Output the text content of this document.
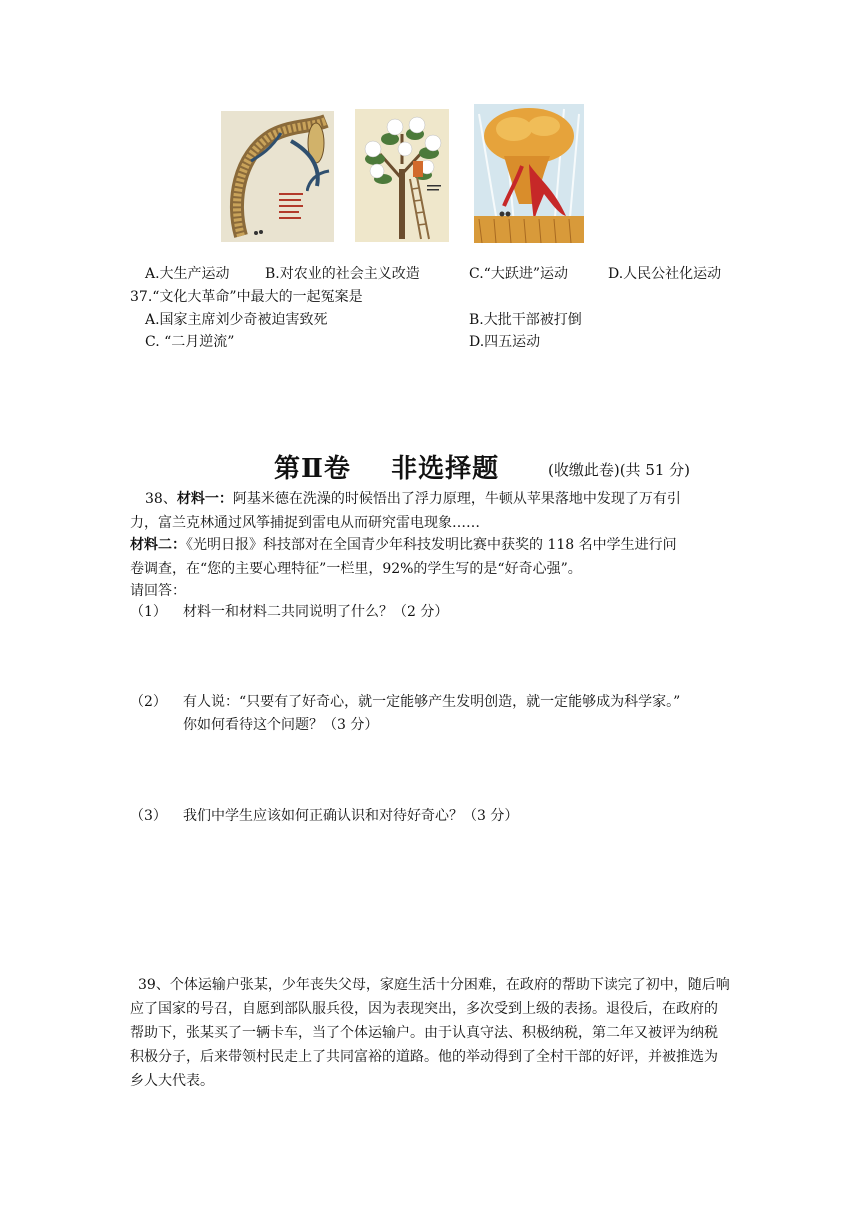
A.大生产运动	B.对农业的社会主义改造	C.“大跃进”运动	D.人民公社化运动
37.“文化大革命”中最大的一起冤案是
A.国家主席刘少奇被迫害致死	B.大批干部被打倒
C. “二月逆流”	D.四五运动
第Ⅱ卷    非选择题	(收缴此卷)(共 51 分)
38、材料一：阿基米德在洗澡的时候悟出了浮力原理，牛顿从苹果落地中发现了万有引
力，富兰克林通过风筝捕捉到雷电从而研究雷电现象……
材料二：《光明日报》科技部对在全国青少年科技发明比赛中获奖的 118 名中学生进行问
卷调查，在“您的主要心理特征”一栏里，92%的学生写的是“好奇心强”。
请回答：
（1） 材料一和材料二共同说明了什么？（2 分）
（2） 有人说：“只要有了好奇心，就一定能够产生发明创造，就一定能够成为科学家。”
你如何看待这个问题？（3 分）
（3） 我们中学生应该如何正确认识和对待好奇心？（3 分）
39、个体运输户张某，少年丧失父母，家庭生活十分困难，在政府的帮助下读完了初中，随后响应了国家的号召，自愿到部队服兵役，因为表现突出，多次受到上级的表扬。退役后，在政府的帮助下，张某买了一辆卡车，当了个体运输户。由于认真守法、积极纳税，第二年又被评为纳税积极分子，后来带领村民走上了共同富裕的道路。他的举动得到了全村干部的好评，并被推选为乡人大代表。
